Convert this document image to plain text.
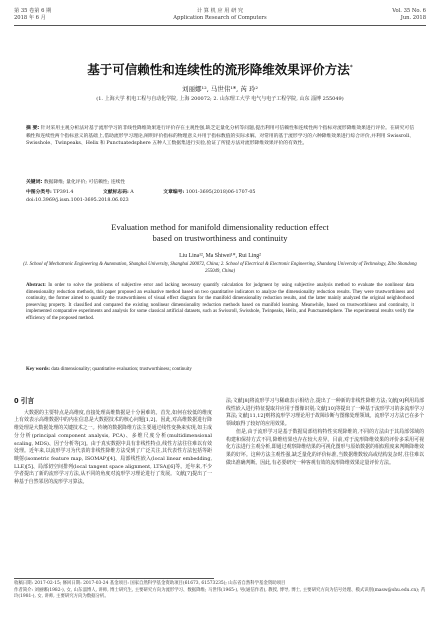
第 35 卷第 6 期
2018 年 6 月
计 算 机 应 用 研 究
Application Research of Computers
Vol. 35 No. 6
Jun. 2018
基于可信赖性和连续性的流形降维效果评价方法*
刘丽娜¹², 马世伟¹*, 芮 玲²
(1. 上海大学 机电工程与自动化学院, 上海 200072; 2. 山东理工大学 电气与电子工程学院, 山东 淄博 255049)
摘 要: 针对采用主观分析法对基于流形学习的非线性降维效果进行评价存在主观性强,缺乏定量化分析等问题,提出利用可信赖性和连续性两个指标对流形降维效果进行评价。在研究可信赖性和连续性两个指标意义的基础上,借助流形学习理论,阐明评价指标的物理意义并用于指标数值的实际求解。对常用的基于流形学习的六种降维效果进行综合评价,并利用 Swissroll、Swisshole、Twinpeaks、Helix 和 Punctuatedsphere 五种人工数据集进行实验,验证了所提方法对流形降维效果评价的有效性。
关键词: 数据降维; 量化评价; 可信赖性; 连续性
中图分类号: TP391.4	文献标志码: A	文章编号: 1001-3695(2018)06-1707-05
doi:10.3969/j.issn.1001-3695.2018.06.023
Evaluation method for manifold dimensionality reduction effect
based on trustworthiness and continuity
Liu Lina¹², Ma Shiwei¹*, Rui Ling²
(1. School of Mechatronic Engineering & Automation, Shanghai University, Shanghai 200072, China; 2. School of Electrical & Electronic Engineering, Shandong University of Technology, Zibo Shandong 255049, China)
Abstract: In order to solve the problems of subjective error and lacking necessary quantify calculation for judgment by using subjective analysis method to evaluate the nonlinear data dimensionality reduction methods, this paper proposed an evaluative method based on two quantitative indicators to analyze the dimensionality reduction results. They were trustworthiness and continuity, the former aimed to quantify the trustworthiness of visual effect diagram for the manifold dimensionality reduction results, and the latter mainly analyzed the original neighborhood preserving property. It classified and compared the existing nonlinear dimensionality reduction methods based on manifold learning. Meanwhile, based on trustworthiness and continuity, it implemented comparative experiments and analysis for some classical artificial datasets, such as Swissroll, Swisshole, Twinpeaks, Helix, and Punctuatedsphere. The experimental results verify the efficiency of the proposed method.
Key words: data dimensionality; quantitative evaluation; trustworthiness; continuity
0 引言

大数据的主要特点是高维度,直接处理高维数据是十分困难的。首先,如何在较低的维度上有效表示高维数据中的内在信息是大数据技术的核心问题[1,2]。因此,对高维数据进行降维处理是大数据处理的关键技术之一。传统的数据降维方法主要通过线性变换来实现,如主成分分析(principal component analysis, PCA)、多维尺度分析(multidimensional scaling, MDS)、因子分析等[3]。由于真实数据中具有非线性特点,线性方法往往难以有效处理。近年来,以流形学习为代表的非线性降维方法受到了广泛关注,其代表性方法包括等距映射(isometric feature map, ISOMAP)[4]、局部线性嵌入(local linear embedding, LLE)[5]、局部切空间排列(local tangent space alignment, LTSA)[6]等。近年来,不少学者提出了新的流形学习方法,从不同的角度对流形学习理论进行了发展。文献[7]提出了一种基于自然邻居的流形学习算法。

法;文献[8]将流形学习与稀疏表示相结合,提出了一种新的非线性降维方法;文献[9]利用局部线性嵌入进行特征提取并应用于图像识别;文献[10]等提出了一种基于流形学习的多流形学习算法;文献[11,12]则将流形学习理论用于故障诊断与图像处理领域。流形学习方法已在多个领域取得了较好的应用效果。

但是,由于流形学习是基于数据局部结构特性实现降维的,不同的方法由于其局部邻域的构建和保持方式不同,降维结果也存在较大差异。目前,对于流形降维效果的评价多采用可视化方法进行主观分析,即通过观察降维结果的可视化图形与原始数据的相似程度来判断降维效果的好坏。这种方法主观性强,缺乏量化的评价标准,当数据维数较高或结构复杂时,往往难以做出准确判断。因此,有必要研究一种客观有效的流形降维效果定量评价方法。

收稿日期: 2017-02-15; 修回日期: 2017-03-24 基金项目: 国家自然科学基金资助项目(61673, 61573235); 山东省自然科学基金资助项目
作者简介: 刘丽娜(1982-), 女, 山东淄博人, 讲师, 博士研究生, 主要研究方向为流形学习、数据降维; 马世伟(1965-), 男(通信作者), 教授, 博导, 博士, 主要研究方向为信号处理、模式识别(masw@shu.edu.cn); 芮玲(1981-), 女, 讲师, 主要研究方向为数据分析。
